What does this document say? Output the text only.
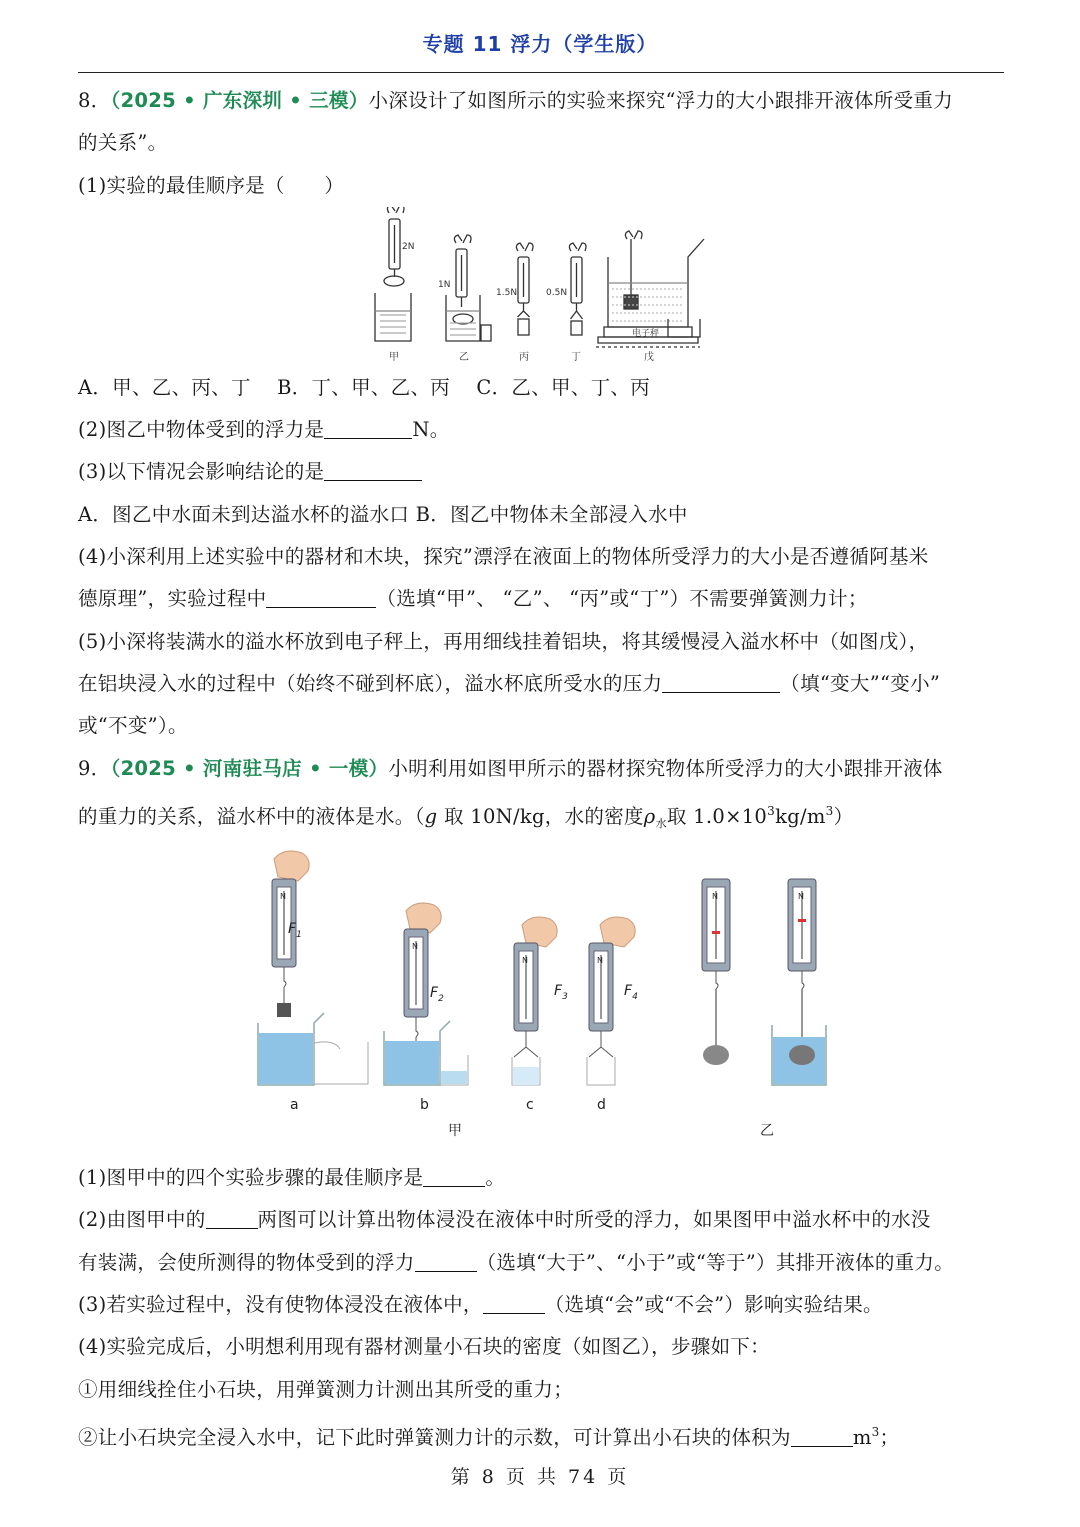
专题 11 浮力（学生版）
8．（2025 • 广东深圳 • 三模）小深设计了如图所示的实验来探究“浮力的大小跟排开液体所受重力
的关系”。
(1)实验的最佳顺序是（　　）
2N
1N
1.5N	0.5N
电子秤
甲	乙	丙	丁	戊
A．甲、乙、丙、丁　 B．丁、甲、乙、丙　 C．乙、甲、丁、丙
(2)图乙中物体受到的浮力是	N。
(3)以下情况会影响结论的是
A．图乙中水面未到达溢水杯的溢水口 B．图乙中物体未全部浸入水中
(4)小深利用上述实验中的器材和木块，探究”漂浮在液面上的物体所受浮力的大小是否遵循阿基米
德原理”，实验过程中	（选填“甲”、 “乙”、 “丙”或“丁”）不需要弹簧测力计；
(5)小深将装满水的溢水杯放到电子秤上，再用细线挂着铝块，将其缓慢浸入溢水杯中（如图戊），
在铝块浸入水的过程中（始终不碰到杯底），溢水杯底所受水的压力	（填“变大”“变小”
或“不变”）。
9．（2025 • 河南驻马店 • 一模）小明利用如图甲所示的器材探究物体所受浮力的大小跟排开液体
的重力的关系，溢水杯中的液体是水。（g 取 10N/kg，水的密度$\rho_水$取 $1.0\times 10^3kg/m^3$）
$F_1$
$F_2$	$F_3$	$F_4$
N
N
N	N
N	N
a	b	c	d
甲	乙
(1)图甲中的四个实验步骤的最佳顺序是	。
(2)由图甲中的	两图可以计算出物体浸没在液体中时所受的浮力，如果图甲中溢水杯中的水没
有装满，会使所测得的物体受到的浮力	（选填“大于”、“小于”或“等于”）其排开液体的重力。
(3)若实验过程中，没有使物体浸没在液体中，	（选填“会”或“不会”）影响实验结果。
(4)实验完成后，小明想利用现有器材测量小石块的密度（如图乙），步骤如下：
①用细线拴住小石块，用弹簧测力计测出其所受的重力；
②让小石块完全浸入水中，记下此时弹簧测力计的示数，可计算出小石块的体积为	$m^3$；
第 8 页 共 74 页
